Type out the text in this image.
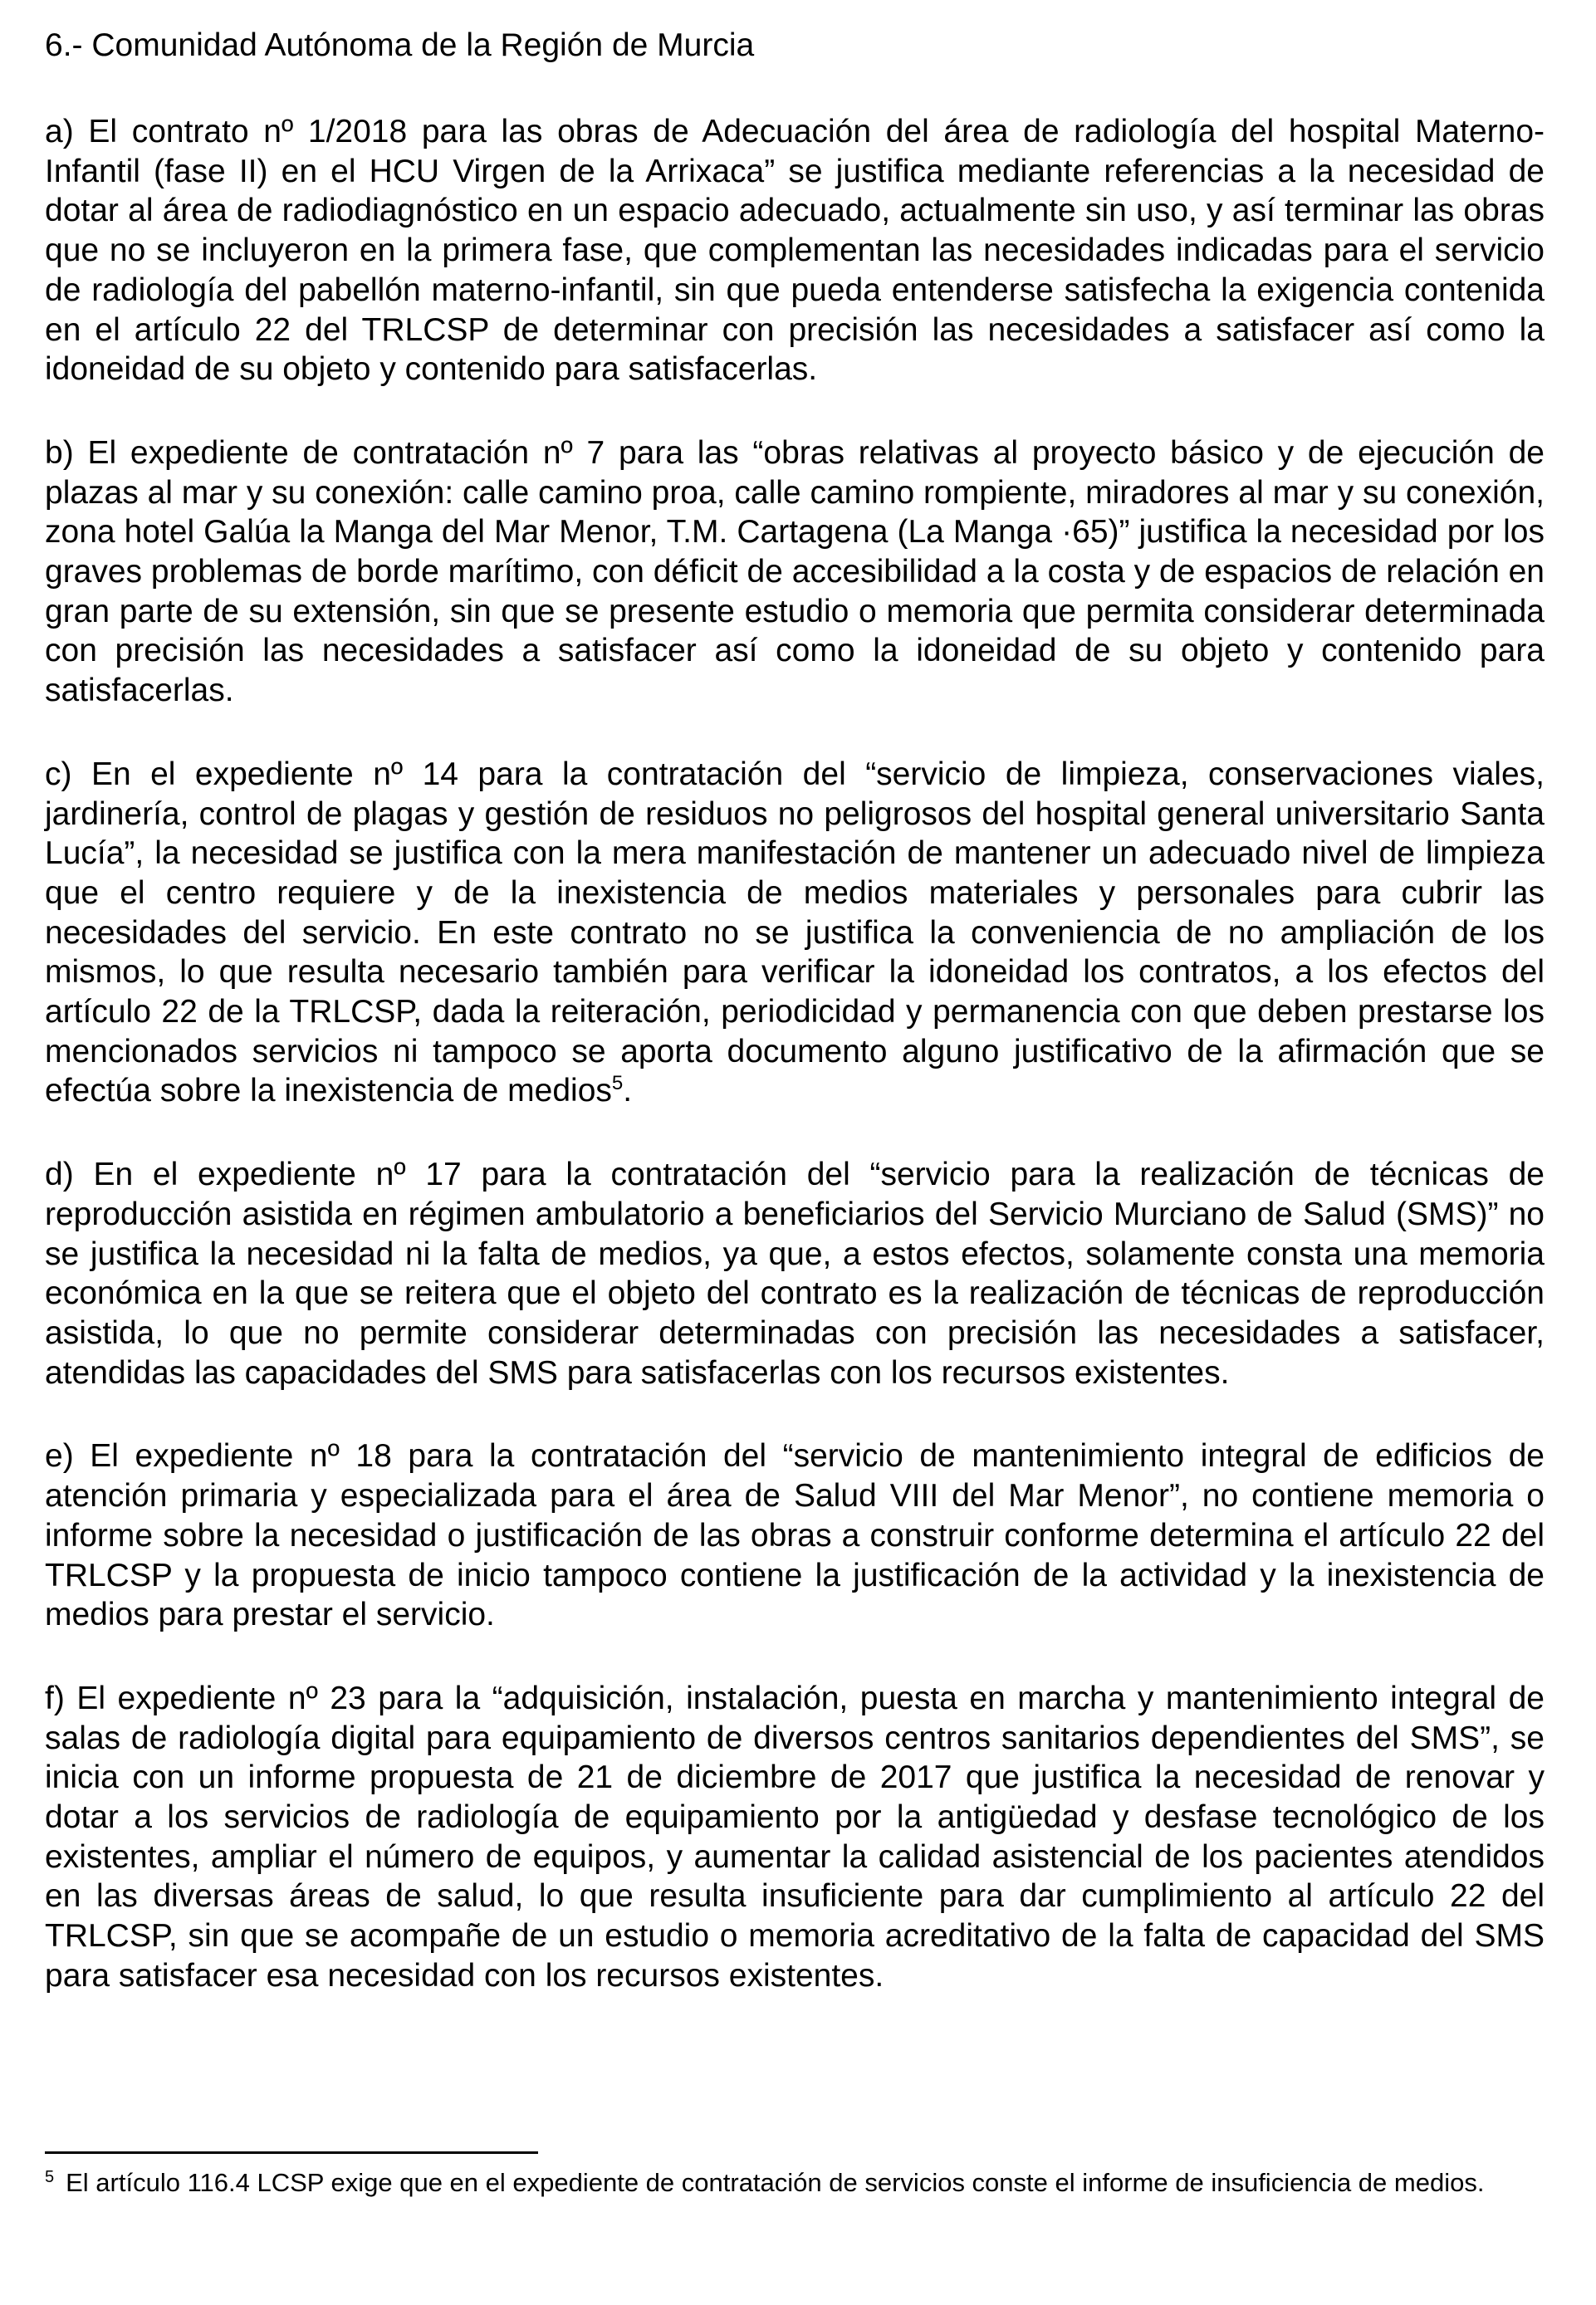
6.- Comunidad Autónoma de la Región de Murcia

a) El contrato nº 1/2018 para las obras de Adecuación del área de radiología del hospital Materno-Infantil (fase II) en el HCU Virgen de la Arrixaca” se justifica mediante referencias a la necesidad de dotar al área de radiodiagnóstico en un espacio adecuado, actualmente sin uso, y así terminar las obras que no se incluyeron en la primera fase, que complementan las necesidades indicadas para el servicio de radiología del pabellón materno-infantil, sin que pueda entenderse satisfecha la exigencia contenida en el artículo 22 del TRLCSP de determinar con precisión las necesidades a satisfacer así como la idoneidad de su objeto y contenido para satisfacerlas.

b) El expediente de contratación nº 7 para las “obras relativas al proyecto básico y de ejecución de plazas al mar y su conexión: calle camino proa, calle camino rompiente, miradores al mar y su conexión, zona hotel Galúa la Manga del Mar Menor, T.M. Cartagena (La Manga ·65)” justifica la necesidad por los graves problemas de borde marítimo, con déficit de accesibilidad a la costa y de espacios de relación en gran parte de su extensión, sin que se presente estudio o memoria que permita considerar determinada con precisión las necesidades a satisfacer así como la idoneidad de su objeto y contenido para satisfacerlas.

c) En el expediente nº 14 para la contratación del “servicio de limpieza, conservaciones viales, jardinería, control de plagas y gestión de residuos no peligrosos del hospital general universitario Santa Lucía”, la necesidad se justifica con la mera manifestación de mantener un adecuado nivel de limpieza que el centro requiere y de la inexistencia de medios materiales y personales para cubrir las necesidades del servicio. En este contrato no se justifica la conveniencia de no ampliación de los mismos, lo que resulta necesario también para verificar la idoneidad los contratos, a los efectos del artículo 22 de la TRLCSP, dada la reiteración, periodicidad y permanencia con que deben prestarse los mencionados servicios ni tampoco se aporta documento alguno justificativo de la afirmación que se efectúa sobre la inexistencia de medios$^5$.

d) En el expediente nº 17 para la contratación del “servicio para la realización de técnicas de reproducción asistida en régimen ambulatorio a beneficiarios del Servicio Murciano de Salud (SMS)” no se justifica la necesidad ni la falta de medios, ya que, a estos efectos, solamente consta una memoria económica en la que se reitera que el objeto del contrato es la realización de técnicas de reproducción asistida, lo que no permite considerar determinadas con precisión las necesidades a satisfacer, atendidas las capacidades del SMS para satisfacerlas con los recursos existentes.

e) El expediente nº 18 para la contratación del “servicio de mantenimiento integral de edificios de atención primaria y especializada para el área de Salud VIII del Mar Menor”, no contiene memoria o informe sobre la necesidad o justificación de las obras a construir conforme determina el artículo 22 del TRLCSP y la propuesta de inicio tampoco contiene la justificación de la actividad y la inexistencia de medios para prestar el servicio.

f) El expediente nº 23 para la “adquisición, instalación, puesta en marcha y mantenimiento integral de salas de radiología digital para equipamiento de diversos centros sanitarios dependientes del SMS”, se inicia con un informe propuesta de 21 de diciembre de 2017 que justifica la necesidad de renovar y dotar a los servicios de radiología de equipamiento por la antigüedad y desfase tecnológico de los existentes, ampliar el número de equipos, y aumentar la calidad asistencial de los pacientes atendidos en las diversas áreas de salud, lo que resulta insuficiente para dar cumplimiento al artículo 22 del TRLCSP, sin que se acompañe de un estudio o memoria acreditativo de la falta de capacidad del SMS para satisfacer esa necesidad con los recursos existentes.

$^5$ El artículo 116.4 LCSP exige que en el expediente de contratación de servicios conste el informe de insuficiencia de medios.
